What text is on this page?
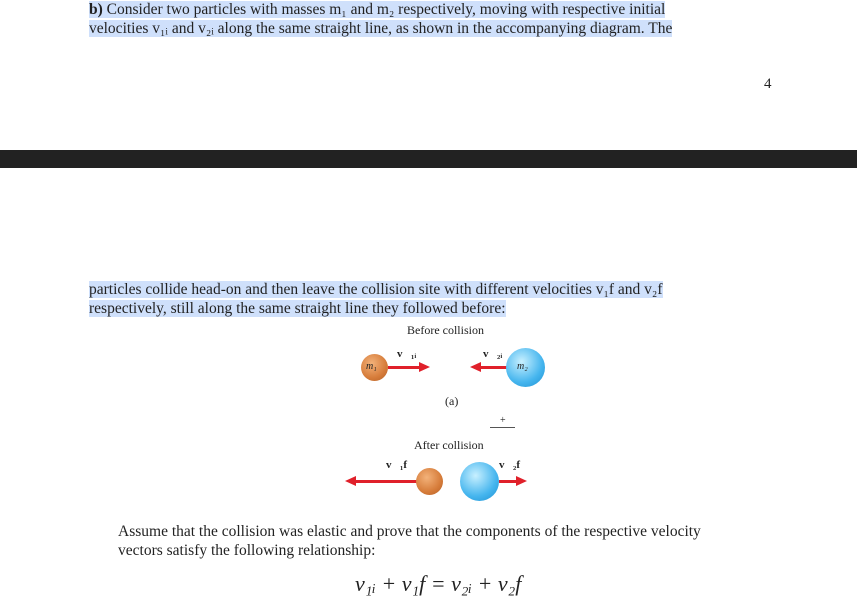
b) Consider two particles with masses m₁ and m₂ respectively, moving with respective initial
velocities v₁ᵢ and v₂ᵢ along the same straight line, as shown in the accompanying diagram. The
4
particles collide head-on and then leave the collision site with different velocities v₁f and v₂f
respectively, still along the same straight line they followed before:
Before collision
m₁
v⃗₁ᵢ	v⃗₂ᵢ
m₂
(a)
+
After collision
v⃗₁f	v⃗₂f
Assume that the collision was elastic and prove that the components of the respective velocity
vectors satisfy the following relationship:
v₁ᵢ + v₁f = v₂ᵢ + v₂f
